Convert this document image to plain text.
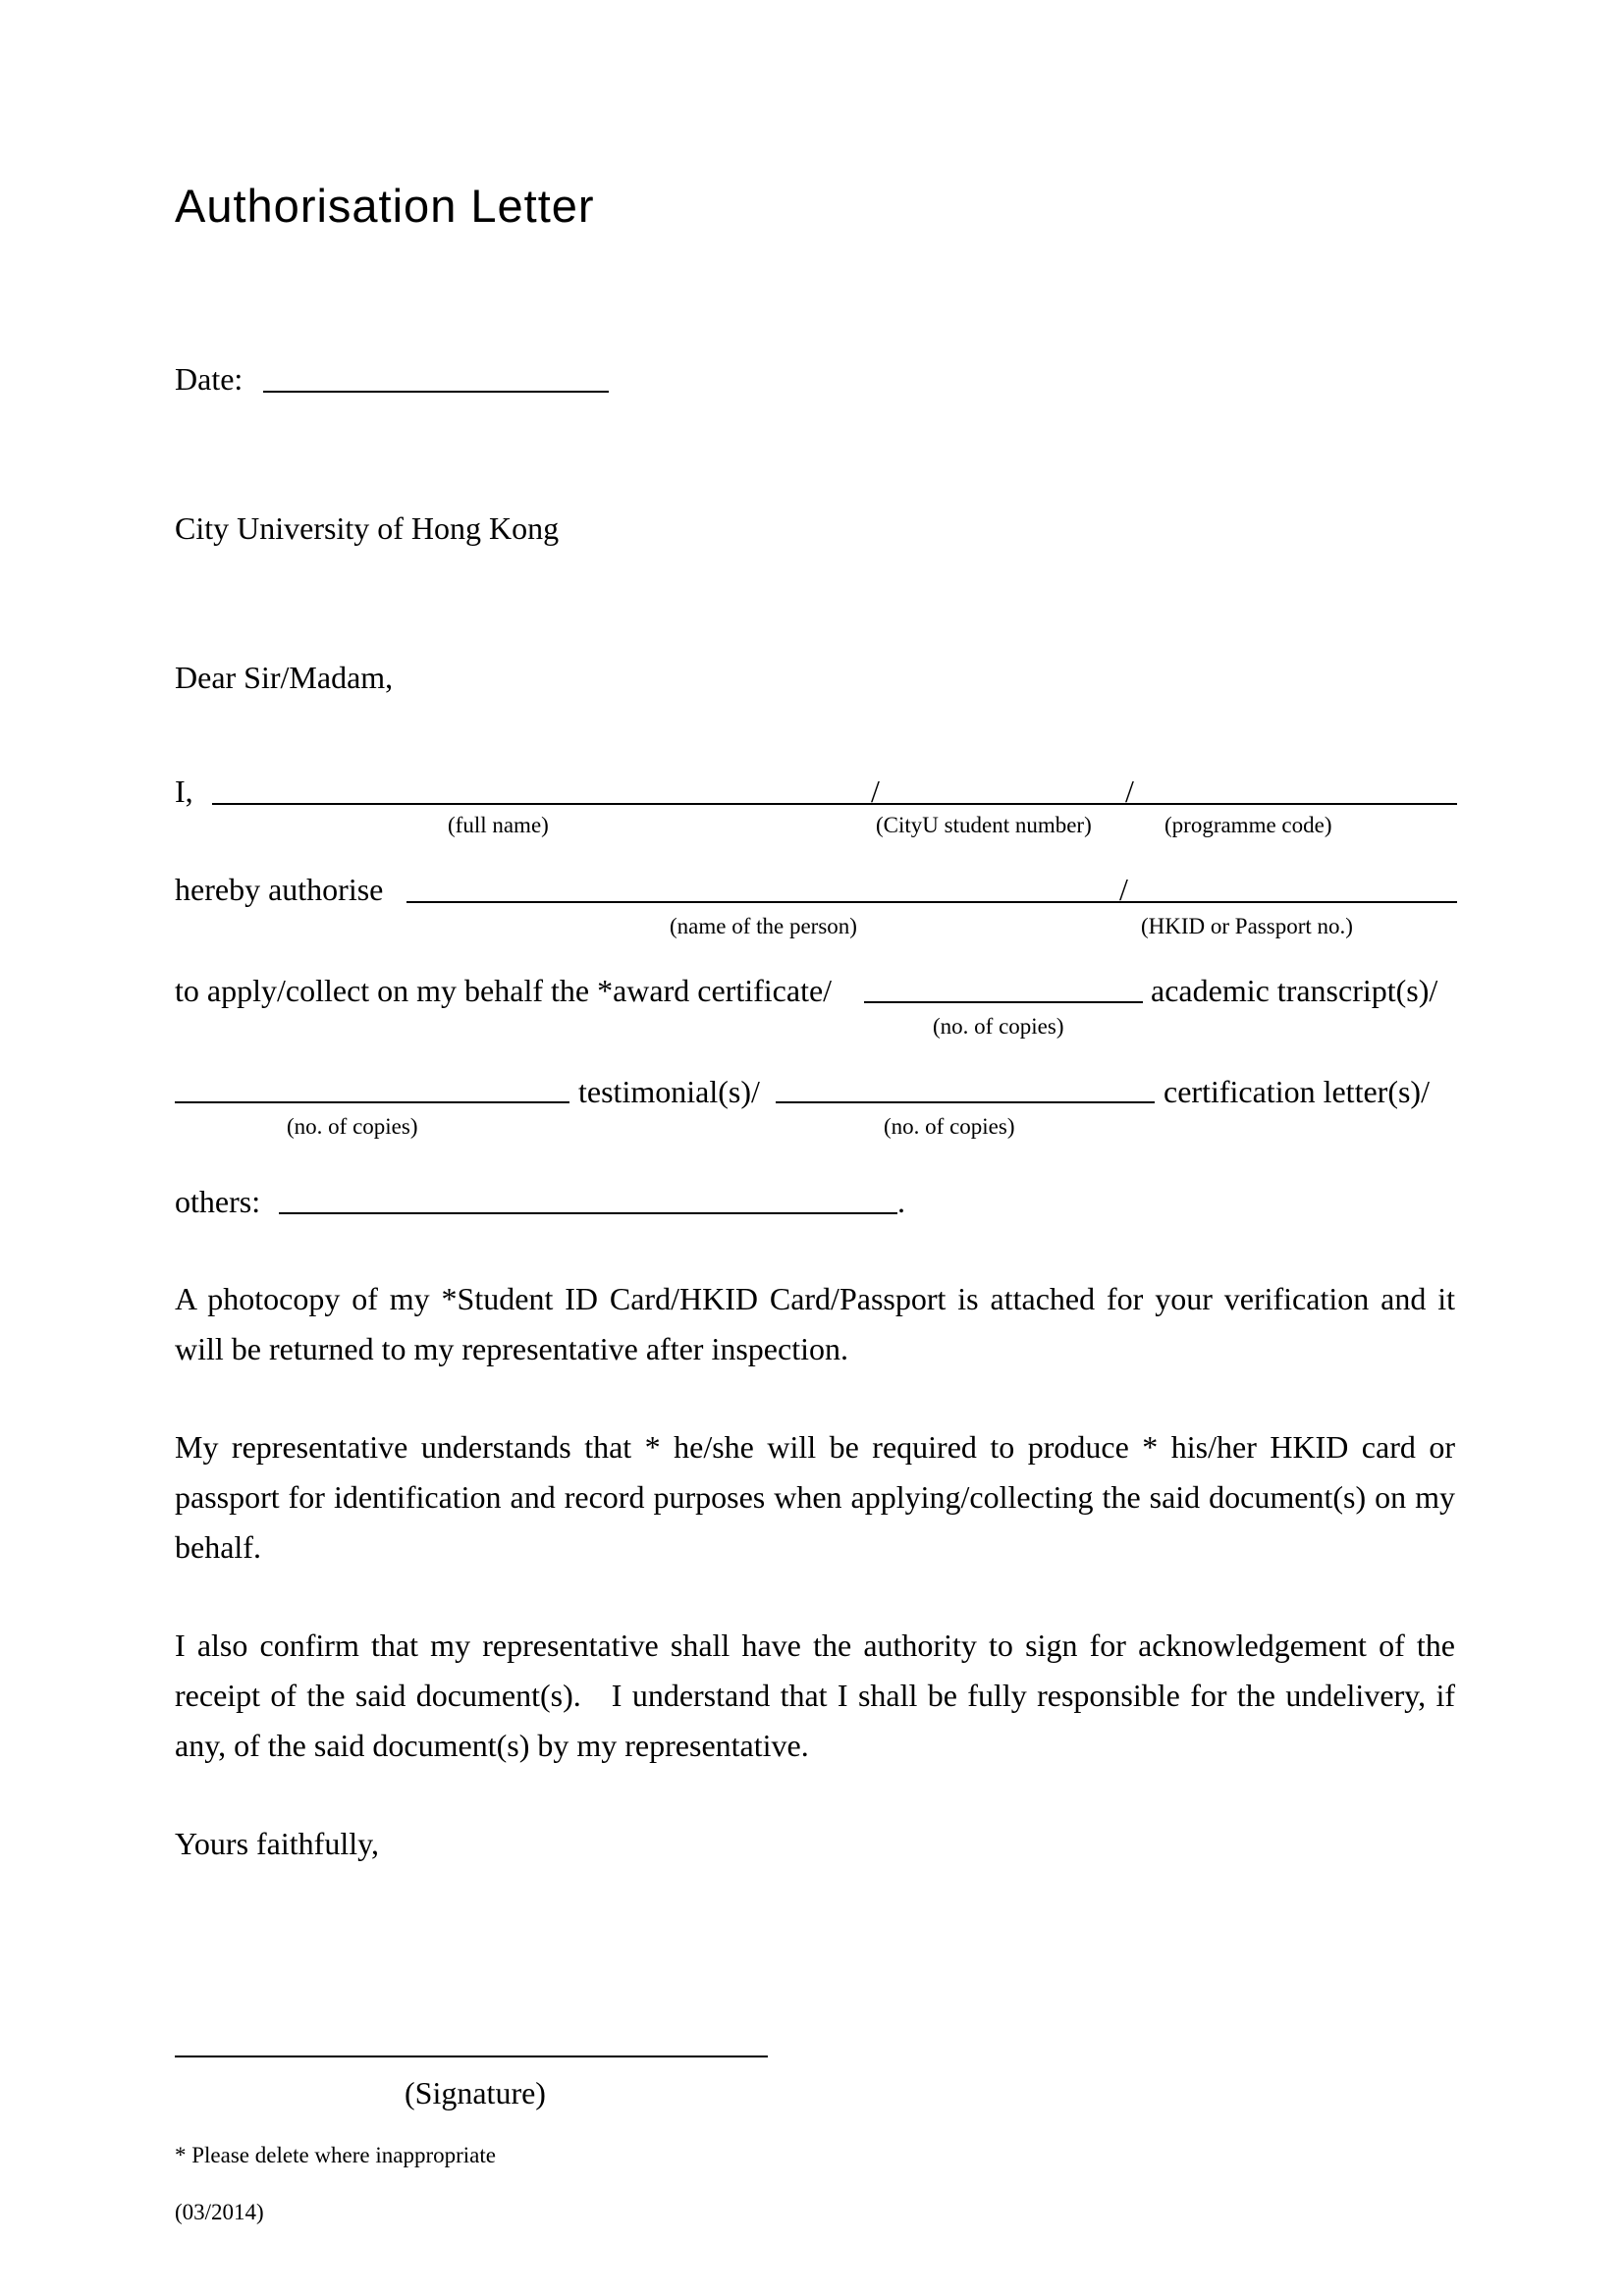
Authorisation Letter
Date:
City University of Hong Kong
Dear Sir/Madam,
I,	/	/
(full name)	(CityU student number)	(programme code)
hereby authorise	/
(name of the person)	(HKID or Passport no.)
to apply/collect on my behalf the *award certificate/	academic transcript(s)/
(no. of copies)
testimonial(s)/	certification letter(s)/
(no. of copies)	(no. of copies)
others:	.
A photocopy of my *Student ID Card/HKID Card/Passport is attached for your verification and it will be returned to my representative after inspection.
My representative understands that * he/she will be required to produce * his/her HKID card or passport for identification and record purposes when applying/collecting the said document(s) on my behalf.
I also confirm that my representative shall have the authority to sign for acknowledgement of the receipt of the said document(s).   I understand that I shall be fully responsible for the undelivery, if any, of the said document(s) by my representative.
Yours faithfully,
(Signature)
* Please delete where inappropriate
(03/2014)
